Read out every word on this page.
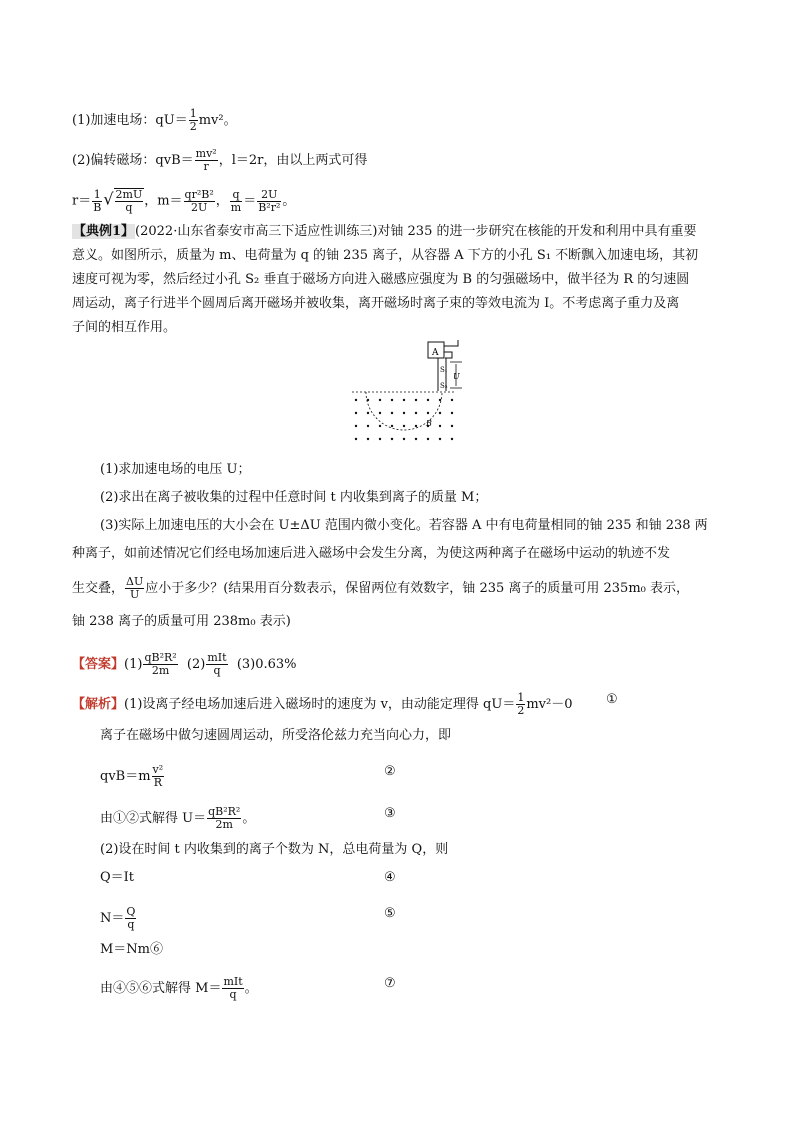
(1)加速电场：$qU= \frac{1}{2} mv^2$。
(2)偏转磁场：$qvB= \frac{\text{mv²}}{r}$ ，l＝2r，由以上两式可得
$r= \frac{1}{B}$ √ $\frac{2mU}{q}$ ，$m= \frac{\text{qr²B²}}{2U}$ ， $\frac{q}{m} = \frac{2U}{\text{B²r²}}$ 。
【典例1】(2022·山东省泰安市高三下适应性训练三)对铀 235 的进一步研究在核能的开发和利用中具有重要
意义。如图所示，质量为 m、电荷量为 q 的铀 235 离子，从容器 A 下方的小孔 S₁ 不断飘入加速电场，其初
速度可视为零，然后经过小孔 S₂ 垂直于磁场方向进入磁感应强度为 B 的匀强磁场中，做半径为 R 的匀速圆
周运动，离子行进半个圆周后离开磁场并被收集，离开磁场时离子束的等效电流为 I。不考虑离子重力及离
子间的相互作用。
A
S₁
S₂
U
B
(1)求加速电场的电压 U；
(2)求出在离子被收集的过程中任意时间 t 内收集到离子的质量 M；
(3)实际上加速电压的大小会在 U±ΔU 范围内微小变化。若容器 A 中有电荷量相同的铀 235 和铀 238 两
种离子，如前述情况它们经电场加速后进入磁场中会发生分离，为使这两种离子在磁场中运动的轨迹不发
生交叠， $\frac{\Delta U}{U}$ 应小于多少？(结果用百分数表示，保留两位有效数字，铀 235 离子的质量可用 235m₀ 表示，
铀 238 离子的质量可用 238m₀ 表示)
【答案】$(1) \frac{\text{qB²R²}}{2m} (2) \frac{\text{mIt}}{q} (3)0.63\%$
【解析】(1)设离子经电场加速后进入磁场时的速度为 v，由动能定理得 $qU= \frac{1}{2} mv^2-0$	①
离子在磁场中做匀速圆周运动，所受洛伦兹力充当向心力，即
$qvB=m \frac{\text{v²}}{R}$	②
由①②式解得 $U= \frac{\text{qB²R²}}{2m}$ 。	③
(2)设在时间 t 内收集到的离子个数为 N，总电荷量为 Q，则
Q＝It	④
$N= \frac{Q}{q}$	⑤
M＝Nm⑥
由④⑤⑥式解得 $M= \frac{\text{mIt}}{q}$ 。	⑦
